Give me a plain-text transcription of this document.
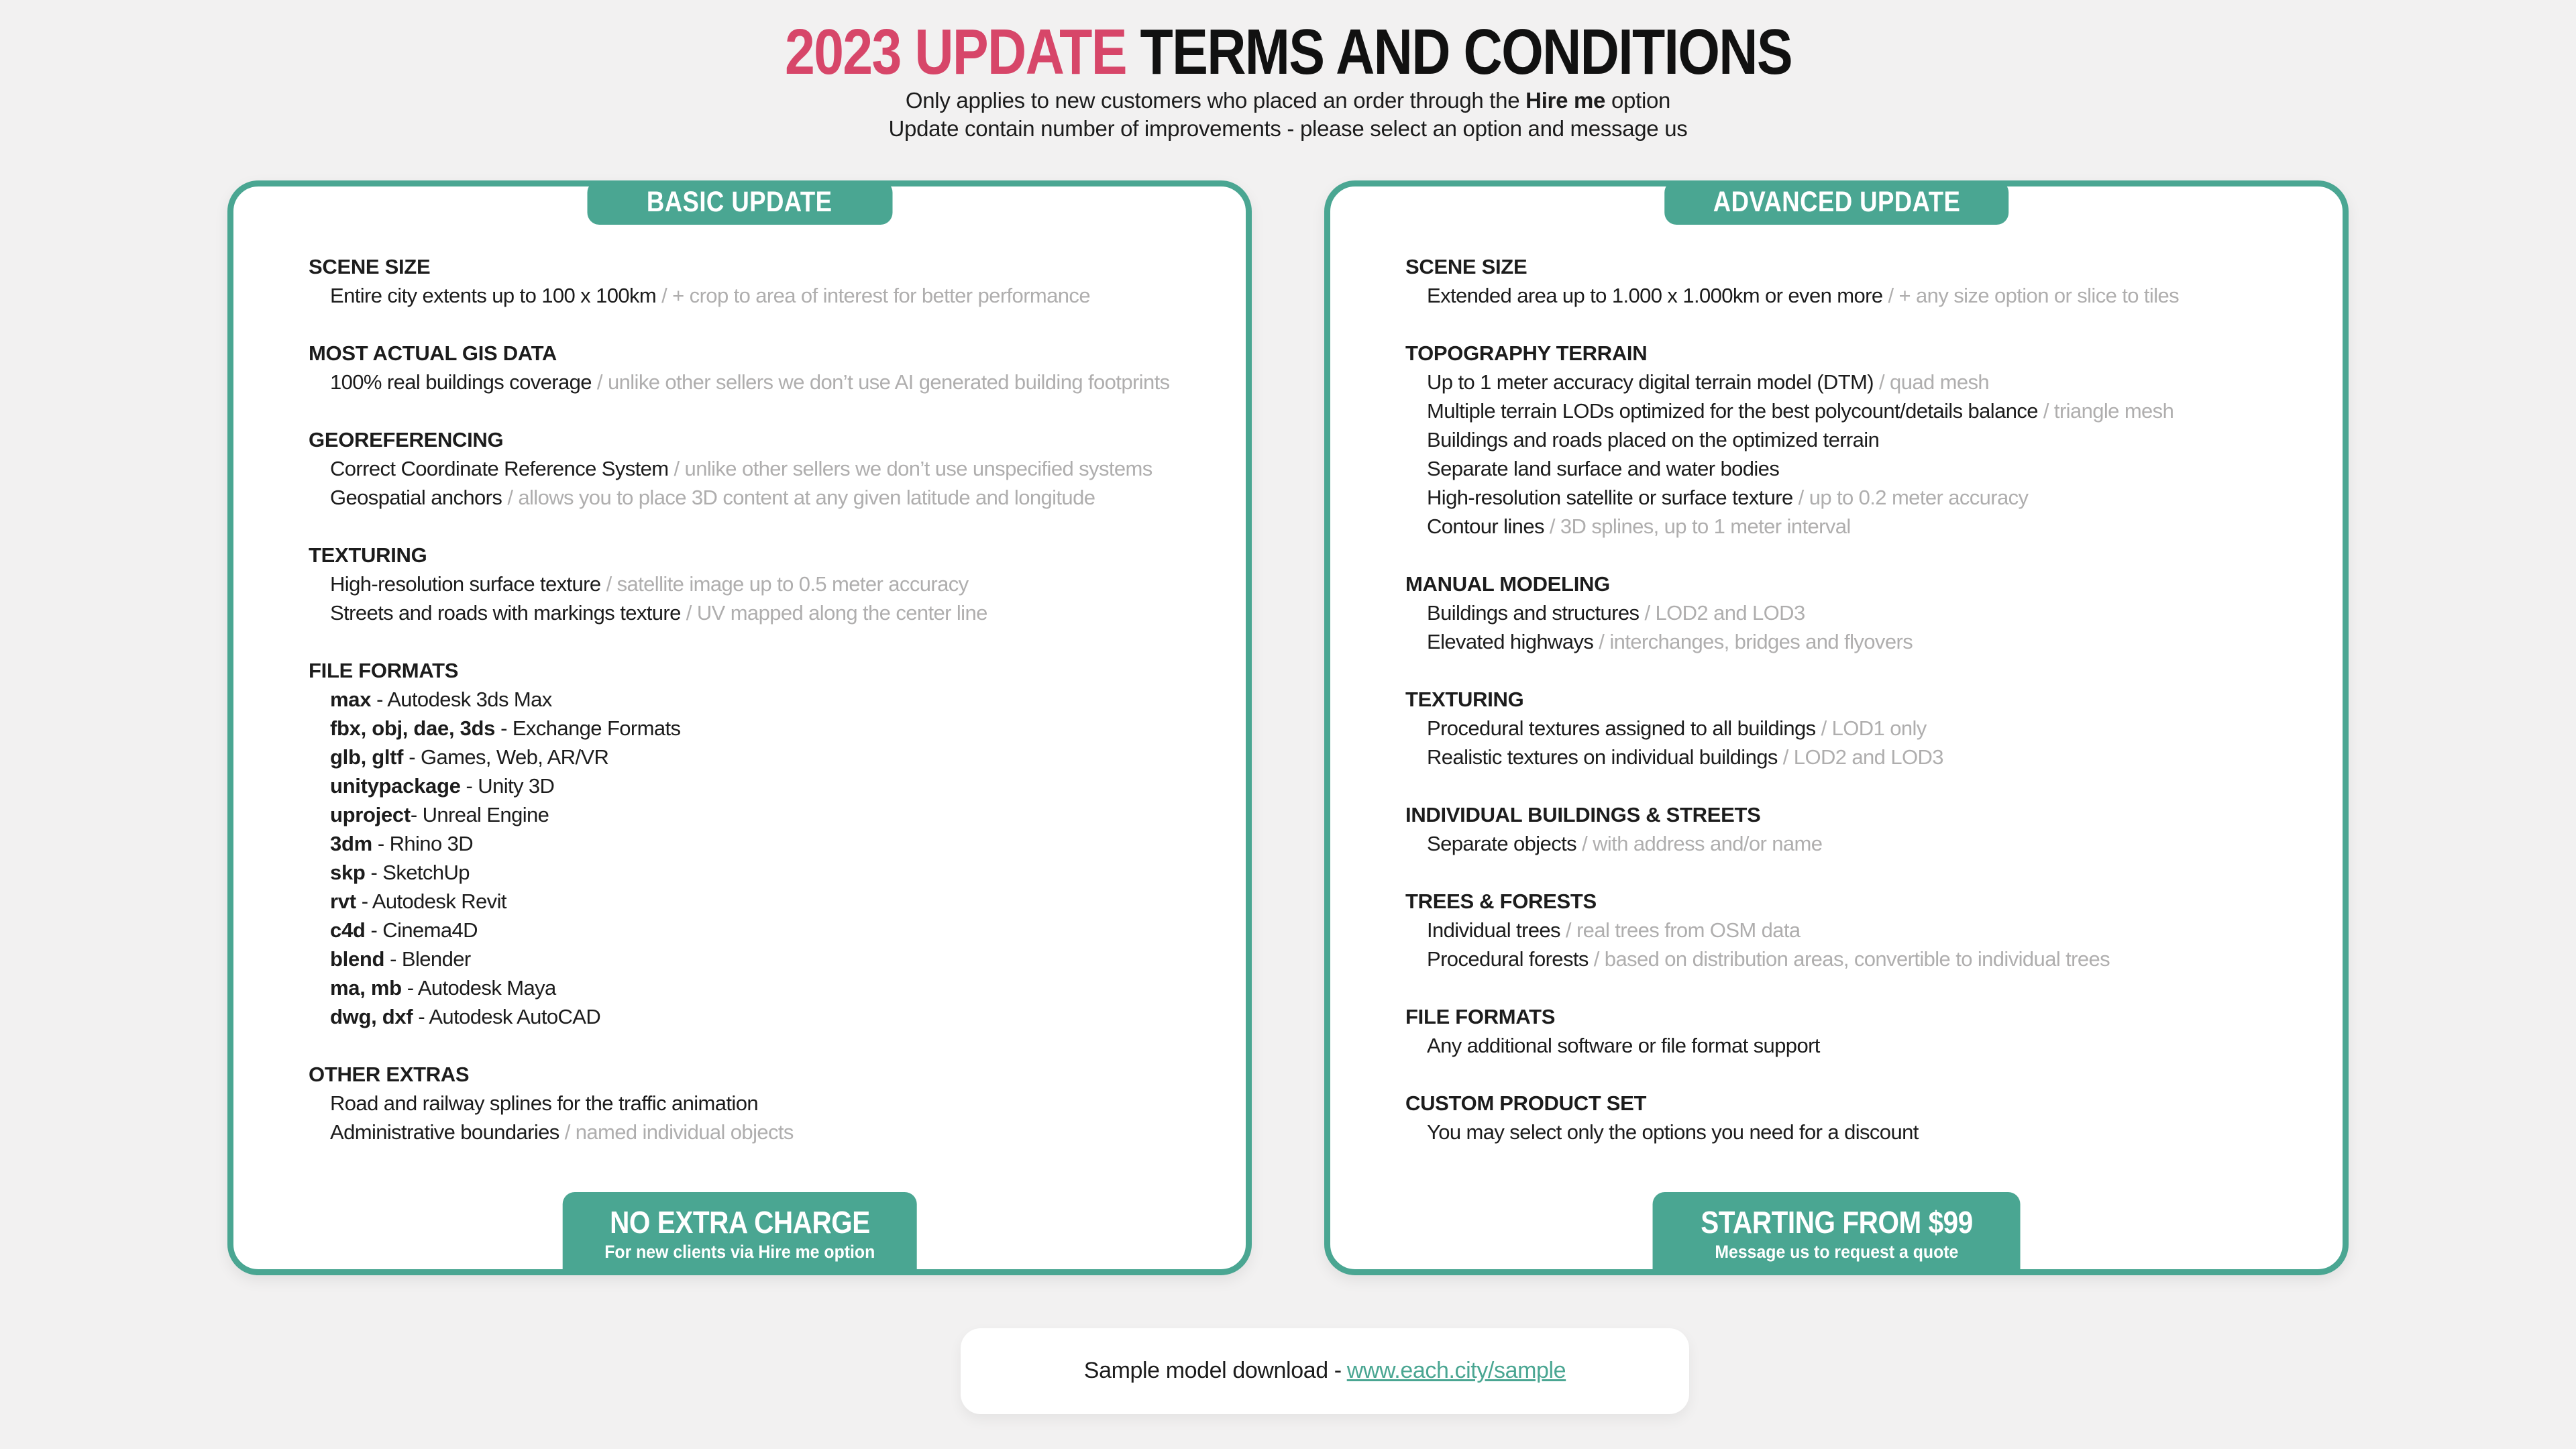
2023 UPDATE TERMS AND CONDITIONS

Only applies to new customers who placed an order through the Hire me option

Update contain number of improvements - please select an option and message us

BASIC UPDATE
SCENE SIZE

Entire city extents up to 100 x 100km / + crop to area of interest for better performance

MOST ACTUAL GIS DATA

100% real buildings coverage / unlike other sellers we don’t use AI generated building footprints

GEOREFERENCING

Correct Coordinate Reference System / unlike other sellers we don’t use unspecified systems

Geospatial anchors / allows you to place 3D content at any given latitude and longitude

TEXTURING

High-resolution surface texture / satellite image up to 0.5 meter accuracy

Streets and roads with markings texture / UV mapped along the center line

FILE FORMATS

max - Autodesk 3ds Max

fbx, obj, dae, 3ds - Exchange Formats

glb, gltf - Games, Web, AR/VR

unitypackage - Unity 3D

uproject- Unreal Engine

3dm - Rhino 3D

skp - SketchUp

rvt - Autodesk Revit

c4d - Cinema4D

blend - Blender

ma, mb - Autodesk Maya

dwg, dxf - Autodesk AutoCAD

OTHER EXTRAS

Road and railway splines for the traffic animation

Administrative boundaries / named individual objects

NO EXTRA CHARGE
For new clients via Hire me option
ADVANCED UPDATE
SCENE SIZE

Extended area up to 1.000 x 1.000km or even more / + any size option or slice to tiles

TOPOGRAPHY TERRAIN

Up to 1 meter accuracy digital terrain model (DTM) / quad mesh

Multiple terrain LODs optimized for the best polycount/details balance / triangle mesh

Buildings and roads placed on the optimized terrain

Separate land surface and water bodies

High-resolution satellite or surface texture / up to 0.2 meter accuracy

Contour lines / 3D splines, up to 1 meter interval

MANUAL MODELING

Buildings and structures / LOD2 and LOD3

Elevated highways / interchanges, bridges and flyovers

TEXTURING

Procedural textures assigned to all buildings / LOD1 only

Realistic textures on individual buildings / LOD2 and LOD3

INDIVIDUAL BUILDINGS & STREETS

Separate objects / with address and/or name

TREES & FORESTS

Individual trees / real trees from OSM data

Procedural forests / based on distribution areas, convertible to individual trees

FILE FORMATS

Any additional software or file format support

CUSTOM PRODUCT SET

You may select only the options you need for a discount

STARTING FROM $99
Message us to request a quote
Sample model download - www.each.city/sample
